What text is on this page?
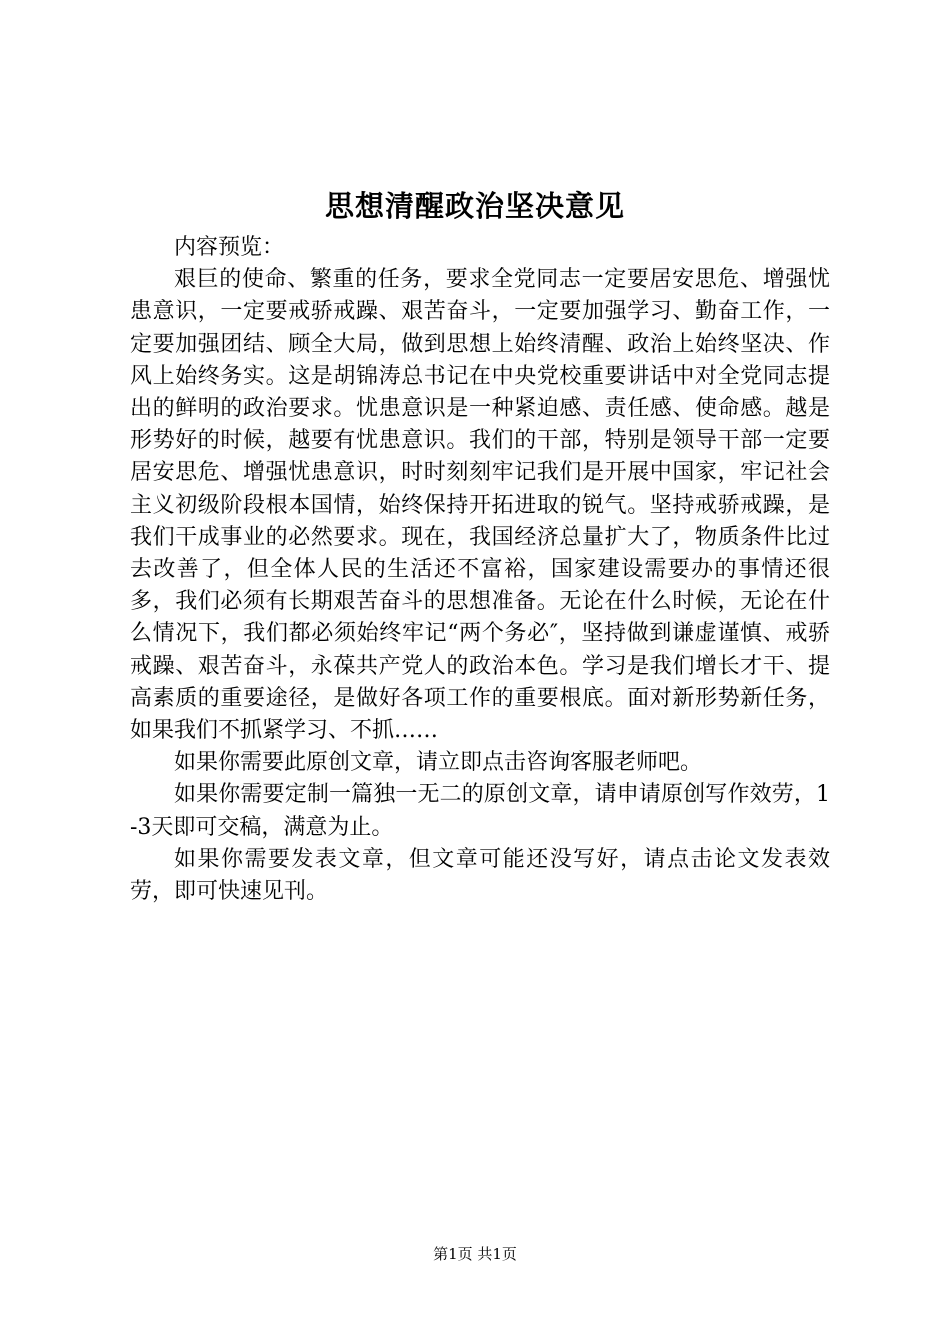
思想清醒政治坚决意见

内容预览：

艰巨的使命、繁重的任务，要求全党同志一定要居安思危、增强忧患意识，一定要戒骄戒躁、艰苦奋斗，一定要加强学习、勤奋工作，一定要加强团结、顾全大局，做到思想上始终清醒、政治上始终坚决、作风上始终务实。这是胡锦涛总书记在中央党校重要讲话中对全党同志提出的鲜明的政治要求。忧患意识是一种紧迫感、责任感、使命感。越是形势好的时候，越要有忧患意识。我们的干部，特别是领导干部一定要居安思危、增强忧患意识，时时刻刻牢记我们是开展中国家，牢记社会主义初级阶段根本国情，始终保持开拓进取的锐气。坚持戒骄戒躁，是我们干成事业的必然要求。现在，我国经济总量扩大了，物质条件比过去改善了，但全体人民的生活还不富裕，国家建设需要办的事情还很多，我们必须有长期艰苦奋斗的思想准备。无论在什么时候，无论在什么情况下，我们都必须始终牢记“两个务必″，坚持做到谦虚谨慎、戒骄戒躁、艰苦奋斗，永葆共产党人的政治本色。学习是我们增长才干、提高素质的重要途径，是做好各项工作的重要根底。面对新形势新任务，如果我们不抓紧学习、不抓……

如果你需要此原创文章，请立即点击咨询客服老师吧。

如果你需要定制一篇独一无二的原创文章，请申请原创写作效劳，1-3天即可交稿，满意为止。

如果你需要发表文章，但文章可能还没写好，请点击论文发表效劳，即可快速见刊。

第1页 共1页
